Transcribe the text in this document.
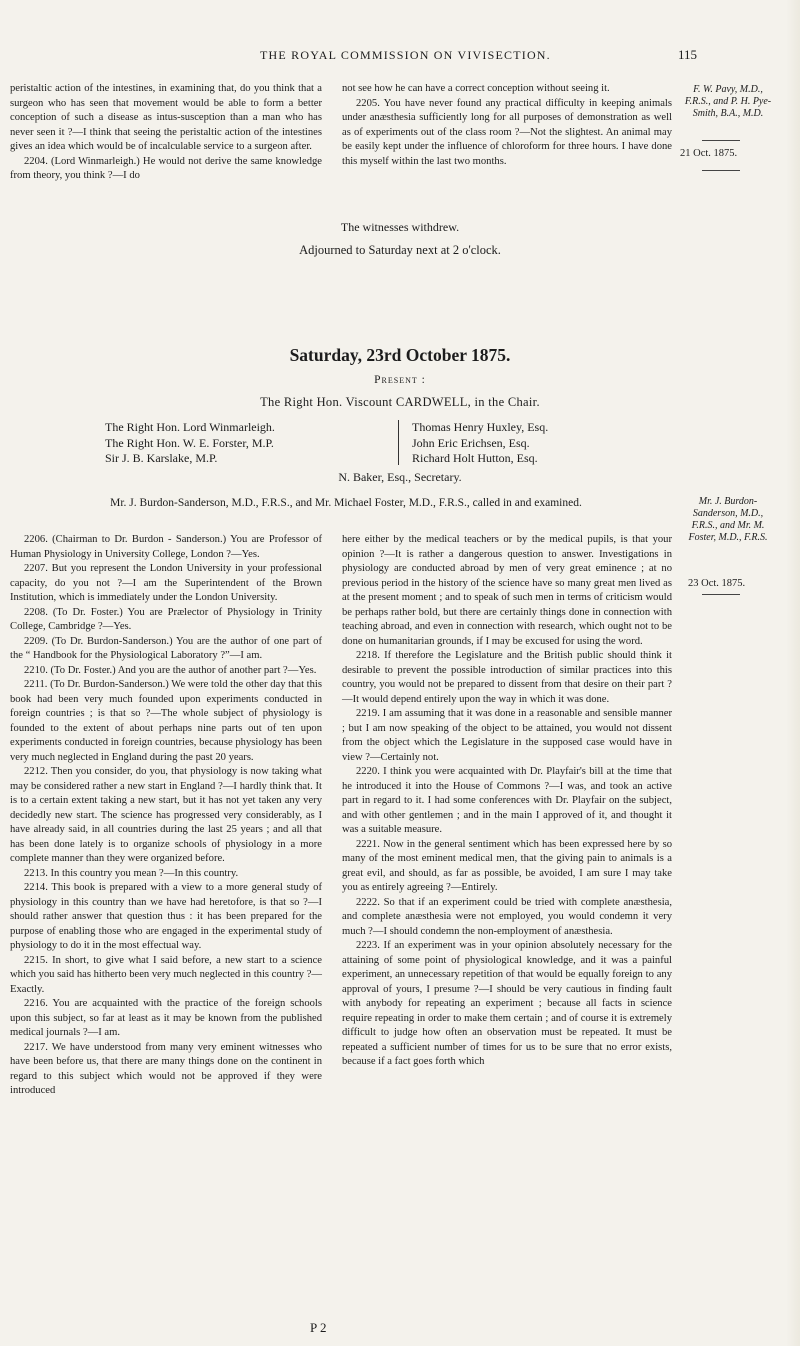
THE ROYAL COMMISSION ON VIVISECTION.	115

peristaltic action of the intestines, in examining that, do you think that a surgeon who has seen that movement would be able to form a better conception of such a disease as intus-susception than a man who has never seen it ?—I think that seeing the peristaltic action of the intestines gives an idea which would be of incalculable service to a surgeon after.

2204. (Lord Winmarleigh.) He would not derive the same knowledge from theory, you think ?—I do

not see how he can have a correct conception without seeing it.

2205. You have never found any practical difficulty in keeping animals under anæsthesia sufficiently long for all purposes of demonstration as well as of experiments out of the class room ?—Not the slightest. An animal may be easily kept under the influence of chloroform for three hours. I have done this myself within the last two months.

F. W. Pavy, M.D., F.R.S., and P. H. Pye-Smith, B.A., M.D.
21 Oct. 1875.
The witnesses withdrew.
Adjourned to Saturday next at 2 o'clock.
Saturday, 23rd October 1875.
Present :
The Right Hon. Viscount CARDWELL, in the Chair.
The Right Hon. Lord Winmarleigh.
The Right Hon. W. E. Forster, M.P.
Sir J. B. Karslake, M.P.
Thomas Henry Huxley, Esq.
John Eric Erichsen, Esq.
Richard Holt Hutton, Esq.
N. Baker, Esq., Secretary.
Mr. J. Burdon-Sanderson, M.D., F.R.S., and Mr. Michael Foster, M.D., F.R.S., called in and examined.	Mr. J. Burdon-Sanderson, M.D., F.R.S., and Mr. M. Foster, M.D., F.R.S.
23 Oct. 1875.

2206. (Chairman to Dr. Burdon - Sanderson.) You are Professor of Human Physiology in University College, London ?—Yes.

2207. But you represent the London University in your professional capacity, do you not ?—I am the Superintendent of the Brown Institution, which is immediately under the London University.

2208. (To Dr. Foster.) You are Prælector of Physiology in Trinity College, Cambridge ?—Yes.

2209. (To Dr. Burdon-Sanderson.) You are the author of one part of the “ Handbook for the Physiological Laboratory ?”—I am.

2210. (To Dr. Foster.) And you are the author of another part ?—Yes.

2211. (To Dr. Burdon-Sanderson.) We were told the other day that this book had been very much founded upon experiments conducted in foreign countries ; is that so ?—The whole subject of physiology is founded to the extent of about perhaps nine parts out of ten upon experiments conducted in foreign countries, because physiology has been very much neglected in England during the past 20 years.

2212. Then you consider, do you, that physiology is now taking what may be considered rather a new start in England ?—I hardly think that. It is to a certain extent taking a new start, but it has not yet taken any very decidedly new start. The science has progressed very considerably, as I have already said, in all countries during the last 25 years ; and all that has been done lately is to organize schools of physiology in a more complete manner than they were organized before.

2213. In this country you mean ?—In this country.

2214. This book is prepared with a view to a more general study of physiology in this country than we have had heretofore, is that so ?—I should rather answer that question thus : it has been prepared for the purpose of enabling those who are engaged in the experimental study of physiology to do it in the most effectual way.

2215. In short, to give what I said before, a new start to a science which you said has hitherto been very much neglected in this country ?—Exactly.

2216. You are acquainted with the practice of the foreign schools upon this subject, so far at least as it may be known from the published medical journals ?—I am.

2217. We have understood from many very eminent witnesses who have been before us, that there are many things done on the continent in regard to this subject which would not be approved if they were introduced

here either by the medical teachers or by the medical pupils, is that your opinion ?—It is rather a dangerous question to answer. Investigations in physiology are conducted abroad by men of very great eminence ; at no previous period in the history of the science have so many great men lived as at the present moment ; and to speak of such men in terms of criticism would be perhaps rather bold, but there are certainly things done in connection with teaching abroad, and even in connection with research, which ought not to be done on humanitarian grounds, if I may be excused for using the word.

2218. If therefore the Legislature and the British public should think it desirable to prevent the possible introduction of similar practices into this country, you would not be prepared to dissent from that desire on their part ?—It would depend entirely upon the way in which it was done.

2219. I am assuming that it was done in a reasonable and sensible manner ; but I am now speaking of the object to be attained, you would not dissent from the object which the Legislature in the supposed case would have in view ?—Certainly not.

2220. I think you were acquainted with Dr. Playfair's bill at the time that he introduced it into the House of Commons ?—I was, and took an active part in regard to it. I had some conferences with Dr. Playfair on the subject, and with other gentlemen ; and in the main I approved of it, and thought it was a suitable measure.

2221. Now in the general sentiment which has been expressed here by so many of the most eminent medical men, that the giving pain to animals is a great evil, and should, as far as possible, be avoided, I am sure I may take you as entirely agreeing ?—Entirely.

2222. So that if an experiment could be tried with complete anæsthesia, and complete anæsthesia were not employed, you would condemn it very much ?—I should condemn the non-employment of anæsthesia.

2223. If an experiment was in your opinion absolutely necessary for the attaining of some point of physiological knowledge, and it was a painful experiment, an unnecessary repetition of that would be equally foreign to any approval of yours, I presume ?—I should be very cautious in finding fault with anybody for repeating an experiment ; because all facts in science require repeating in order to make them certain ; and of course it is extremely difficult to judge how often an observation must be repeated. It must be repeated a sufficient number of times for us to be sure that no error exists, because if a fact goes forth which

P 2
